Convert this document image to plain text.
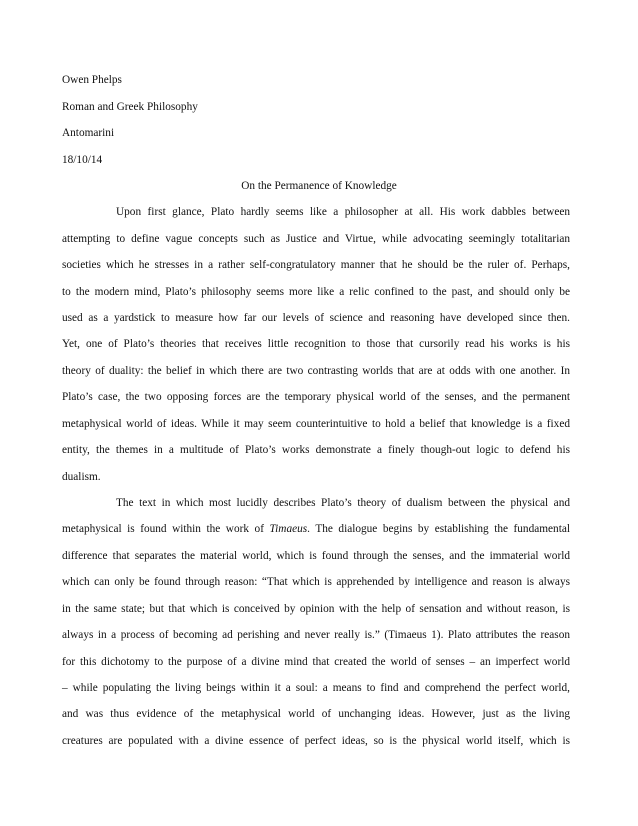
Owen Phelps
Roman and Greek Philosophy
Antomarini
18/10/14
On the Permanence of Knowledge
Upon first glance, Plato hardly seems like a philosopher at all. His work dabbles between
attempting to define vague concepts such as Justice and Virtue, while advocating seemingly totalitarian
societies which he stresses in a rather self-congratulatory manner that he should be the ruler of. Perhaps,
to the modern mind, Plato’s philosophy seems more like a relic confined to the past, and should only be
used as a yardstick to measure how far our levels of science and reasoning have developed since then.
Yet, one of Plato’s theories that receives little recognition to those that cursorily read his works is his
theory of duality: the belief in which there are two contrasting worlds that are at odds with one another. In
Plato’s case, the two opposing forces are the temporary physical world of the senses, and the permanent
metaphysical world of ideas. While it may seem counterintuitive to hold a belief that knowledge is a fixed
entity, the themes in a multitude of Plato’s works demonstrate a finely though-out logic to defend his
dualism.
The text in which most lucidly describes Plato’s theory of dualism between the physical and
metaphysical is found within the work of Timaeus. The dialogue begins by establishing the fundamental
difference that separates the material world, which is found through the senses, and the immaterial world
which can only be found through reason: “That which is apprehended by intelligence and reason is always
in the same state; but that which is conceived by opinion with the help of sensation and without reason, is
always in a process of becoming ad perishing and never really is.” (Timaeus 1). Plato attributes the reason
for this dichotomy to the purpose of a divine mind that created the world of senses – an imperfect world
– while populating the living beings within it a soul: a means to find and comprehend the perfect world,
and was thus evidence of the metaphysical world of unchanging ideas. However, just as the living
creatures are populated with a divine essence of perfect ideas, so is the physical world itself, which is
